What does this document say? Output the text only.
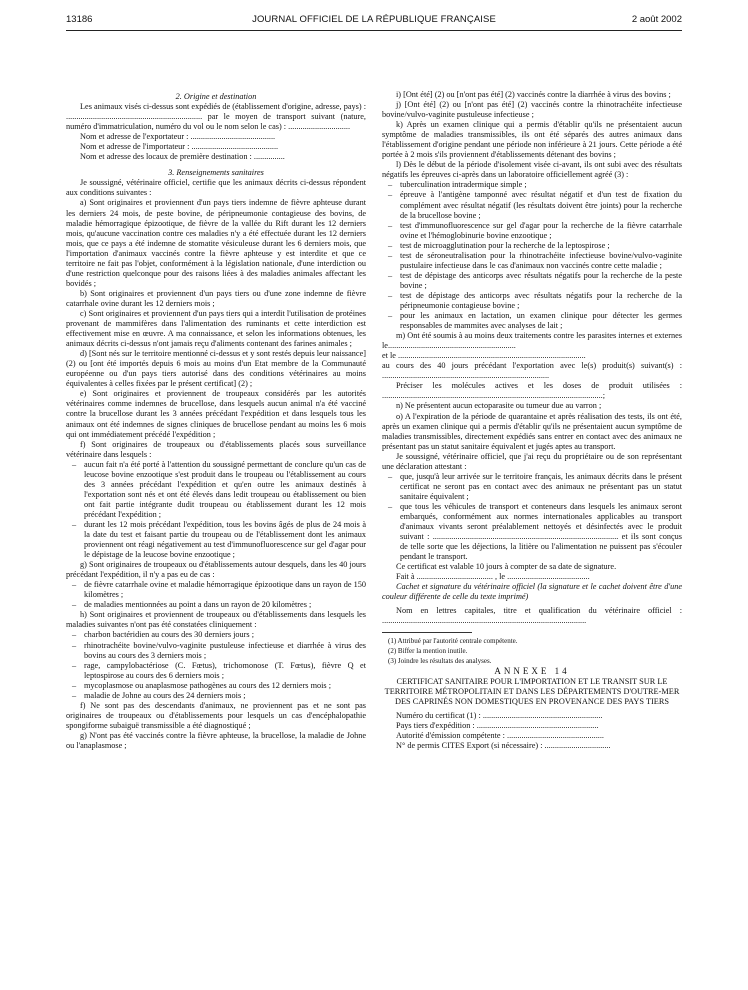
13186	JOURNAL OFFICIEL DE LA RÉPUBLIQUE FRANÇAISE	2 août 2002

2. Origine et destination

Les animaux visés ci-dessus sont expédiés de (établissement d'origine, adresse, pays) : .................................................................. par le moyen de transport suivant (nature, numéro d'immatriculation, numéro du vol ou le nom selon le cas) : ..............................

Nom et adresse de l'exportateur : .........................................

Nom et adresse de l'importateur : ..........................................

Nom et adresse des locaux de première destination : ...............

3. Renseignements sanitaires

Je soussigné, vétérinaire officiel, certifie que les animaux décrits ci-dessus répondent aux conditions suivantes :

a) Sont originaires et proviennent d'un pays tiers indemne de fièvre aphteuse durant les derniers 24 mois, de peste bovine, de péripneumonie contagieuse des bovins, de maladie hémorragique épizootique, de fièvre de la vallée du Rift durant les 12 derniers mois, qu'aucune vaccination contre ces maladies n'y a été effectuée durant les 12 derniers mois, que ce pays a été indemne de stomatite vésiculeuse durant les 6 derniers mois, que l'importation d'animaux vaccinés contre la fièvre aphteuse y est interdite et que ce territoire ne fait pas l'objet, conformément à la législation nationale, d'une interdiction ou d'une restriction quelconque pour des raisons liées à des maladies animales affectant les bovidés ;

b) Sont originaires et proviennent d'un pays tiers ou d'une zone indemne de fièvre catarrhale ovine durant les 12 derniers mois ;

c) Sont originaires et proviennent d'un pays tiers qui a interdit l'utilisation de protéines provenant de mammifères dans l'alimentation des ruminants et cette interdiction est effectivement mise en œuvre. A ma connaissance, et selon les informations obtenues, les animaux décrits ci-dessus n'ont jamais reçu d'aliments contenant des farines animales ;

d) [Sont nés sur le territoire mentionné ci-dessus et y sont restés depuis leur naissance] (2) ou [ont été importés depuis 6 mois au moins d'un Etat membre de la Communauté européenne ou d'un pays tiers autorisé dans des conditions vétérinaires au moins équivalentes à celles fixées par le présent certificat] (2) ;

e) Sont originaires et proviennent de troupeaux considérés par les autorités vétérinaires comme indemnes de brucellose, dans lesquels aucun animal n'a été vacciné contre la brucellose durant les 3 années précédant l'expédition et dans lesquels tous les animaux ont été indemnes de signes cliniques de brucellose pendant au moins les 6 mois qui ont immédiatement précédé l'expédition ;

f) Sont originaires de troupeaux ou d'établissements placés sous surveillance vétérinaire dans lesquels :

– aucun fait n'a été porté à l'attention du soussigné permettant de conclure qu'un cas de leucose bovine enzootique s'est produit dans le troupeau ou l'établissement au cours des 3 années précédant l'expédition et qu'en outre les animaux destinés à l'exportation sont nés et ont été élevés dans ledit troupeau ou établissement ou bien ont fait partie intégrante dudit troupeau ou établissement durant les 12 mois précédant l'expédition ;
– durant les 12 mois précédant l'expédition, tous les bovins âgés de plus de 24 mois à la date du test et faisant partie du troupeau ou de l'établissement dont les animaux proviennent ont réagi négativement au test d'immunofluorescence sur gel d'agar pour le dépistage de la leucose bovine enzootique ;

g) Sont originaires de troupeaux ou d'établissements autour desquels, dans les 40 jours précédant l'expédition, il n'y a pas eu de cas :

– de fièvre catarrhale ovine et maladie hémorragique épizootique dans un rayon de 150 kilomètres ;
– de maladies mentionnées au point a dans un rayon de 20 kilomètres ;

h) Sont originaires et proviennent de troupeaux ou d'établissements dans lesquels les maladies suivantes n'ont pas été constatées cliniquement :

– charbon bactéridien au cours des 30 derniers jours ;
– rhinotrachéite bovine/vulvo-vaginite pustuleuse infectieuse et diarrhée à virus des bovins au cours des 3 derniers mois ;
– rage, campylobactériose (C. Fœtus), trichomonose (T. Fœtus), fièvre Q et leptospirose au cours des 6 derniers mois ;
– mycoplasmose ou anaplasmose pathogènes au cours des 12 derniers mois ;
– maladie de Johne au cours des 24 derniers mois ;

f) Ne sont pas des descendants d'animaux, ne proviennent pas et ne sont pas originaires de troupeaux ou d'établissements pour lesquels un cas d'encéphalopathie spongiforme subaiguë transmissible a été diagnostiqué ;

g) N'ont pas été vaccinés contre la fièvre aphteuse, la brucellose, la maladie de Johne ou l'anaplasmose ;

i) [Ont été] (2) ou [n'ont pas été] (2) vaccinés contre la diarrhée à virus des bovins ;

j) [Ont été] (2) ou [n'ont pas été] (2) vaccinés contre la rhinotrachéite infectieuse bovine/vulvo-vaginite pustuleuse infectieuse ;

k) Après un examen clinique qui a permis d'établir qu'ils ne présentaient aucun symptôme de maladies transmissibles, ils ont été séparés des autres animaux dans l'établissement d'origine pendant une période non inférieure à 21 jours. Cette période a été portée à 2 mois s'ils proviennent d'établissements détenant des bovins ;

l) Dès le début de la période d'isolement visée ci-avant, ils ont subi avec des résultats négatifs les épreuves ci-après dans un laboratoire officiellement agréé (3) :

– tuberculination intradermique simple ;
– épreuve à l'antigène tamponné avec résultat négatif et d'un test de fixation du complément avec résultat négatif (les résultats doivent être joints) pour la recherche de la brucellose bovine ;
– test d'immunofluorescence sur gel d'agar pour la recherche de la fièvre catarrhale ovine et l'hémoglobinurie bovine enzootique ;
– test de microagglutination pour la recherche de la leptospirose ;
– test de séroneutralisation pour la rhinotrachéite infectieuse bovine/vulvo-vaginite pustulaire infectieuse dans le cas d'animaux non vaccinés contre cette maladie ;
– test de dépistage des anticorps avec résultats négatifs pour la recherche de la peste bovine ;
– test de dépistage des anticorps avec résultats négatifs pour la recherche de la péripneumonie contagieuse bovine ;
– pour les animaux en lactation, un examen clinique pour détecter les germes responsables de mammites avec analyses de lait ;

m) Ont été soumis à au moins deux traitements contre les parasites internes et externes le..............................................................

et le ...........................................................................................

au cours des 40 jours précédant l'exportation avec le(s) produit(s) suivant(s) : .................................................................................

Préciser les molécules actives et les doses de produit utilisées : ...........................................................................................................;

n) Ne présentent aucun ectoparasite ou tumeur due au varron ;

o) A l'expiration de la période de quarantaine et après réalisation des tests, ils ont été, après un examen clinique qui a permis d'établir qu'ils ne présentaient aucun symptôme de maladies transmissibles, directement expédiés sans entrer en contact avec des animaux ne présentant pas un statut sanitaire équivalent et jugés aptes au transport.

Je soussigné, vétérinaire officiel, que j'ai reçu du propriétaire ou de son représentant une déclaration attestant :

– que, jusqu'à leur arrivée sur le territoire français, les animaux décrits dans le présent certificat ne seront pas en contact avec des animaux ne présentant pas un statut sanitaire équivalent ;
– que tous les véhicules de transport et conteneurs dans lesquels les animaux seront embarqués, conformément aux normes internationales applicables au transport d'animaux vivants seront préalablement nettoyés et désinfectés avec le produit suivant : .......................................................................................... et ils sont conçus de telle sorte que les déjections, la litière ou l'alimentation ne puissent pas s'écouler pendant le transport.

Ce certificat est valable 10 jours à compter de sa date de signature.

Fait à ..................................... , le ........................................

Cachet et signature du vétérinaire officiel (la signature et le cachet doivent être d'une couleur différente de celle du texte imprimé)

Nom en lettres capitales, titre et qualification du vétérinaire officiel : ...................................................................................................

(1) Attribué par l'autorité centrale compétente.

(2) Biffer la mention inutile.

(3) Joindre les résultats des analyses.

ANNEXE 14

CERTIFICAT SANITAIRE POUR L'IMPORTATION ET LE TRANSIT SUR LE TERRITOIRE MÉTROPOLITAIN ET DANS LES DÉPARTEMENTS D'OUTRE-MER DES CAPRINÉS NON DOMESTIQUES EN PROVENANCE DES PAYS TIERS

Numéro du certificat (1) : ..........................................................

Pays tiers d'expédition : ...........................................................

Autorité d'émission compétente : ...............................................

N° de permis CITES Export (si nécessaire) : ................................
